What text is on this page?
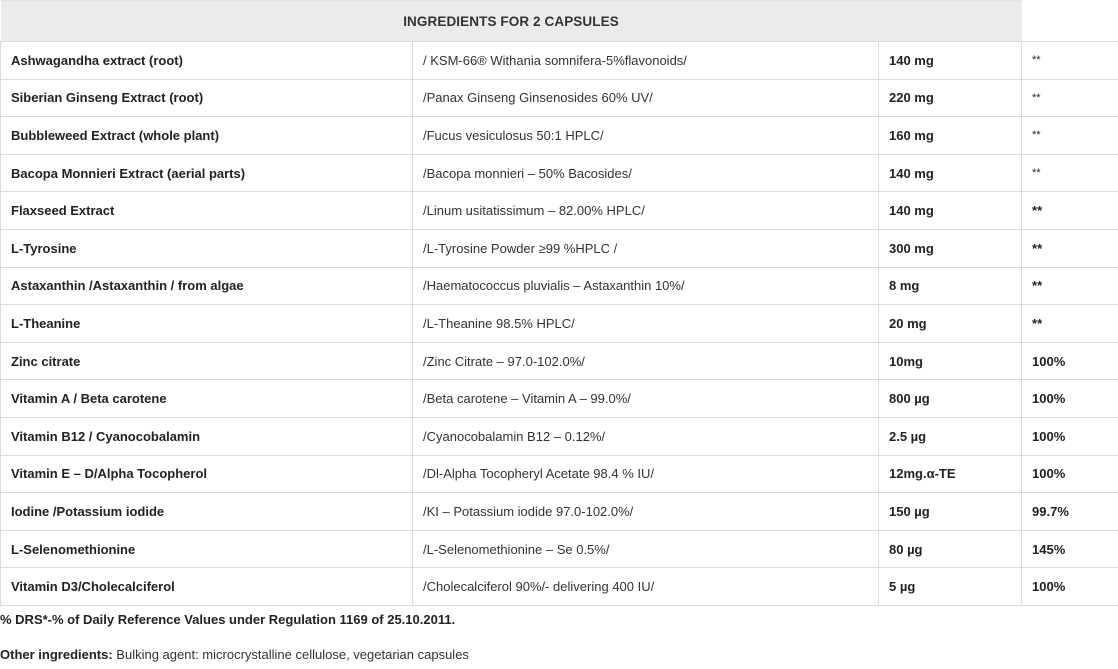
INGREDIENTS FOR 2 CAPSULES			
Ashwagandha extract (root)	/ KSM-66® Withania somnifera-5%flavonoids/	140 mg	**
Siberian Ginseng Extract (root)	/Panax Ginseng Ginsenosides 60% UV/	220 mg	**
Bubbleweed Extract (whole plant)	/Fucus vesiculosus 50:1 HPLC/	160 mg	**
Bacopa Monnieri Extract (aerial parts)	/Bacopa monnieri – 50% Bacosides/	140 mg	**
Flaxseed Extract	/Linum usitatissimum – 82.00% HPLC/	140 mg	**
L-Tyrosine	/L-Tyrosine Powder ≥99 %HPLC /	300 mg	**
Astaxanthin /Astaxanthin / from algae	/Haematococcus pluvialis – Astaxanthin 10%/	8 mg	**
L-Theanine	/L-Theanine 98.5% HPLC/	20 mg	**
Zinc citrate	/Zinc Citrate – 97.0-102.0%/	10mg	100%
Vitamin A / Beta carotene	/Beta carotene – Vitamin A – 99.0%/	800 µg	100%
Vitamin B12 / Cyanocobalamin	/Cyanocobalamin B12 – 0.12%/	2.5 µg	100%
Vitamin E – D/Alpha Tocopherol	/Dl-Alpha Tocopheryl Acetate 98.4 % IU/	12mg.α-TE	100%
Iodine /Potassium iodide	/KI – Potassium iodide 97.0-102.0%/	150 µg	99.7%
L-Selenomethionine	/L-Selenomethionine – Se 0.5%/	80 µg	145%
Vitamin D3/Cholecalciferol	/Cholecalciferol 90%/- delivering 400 IU/	5 µg	100%
% DRS*-% of Daily Reference Values under Regulation 1169 of 25.10.2011.
Other ingredients: Bulking agent: microcrystalline cellulose, vegetarian capsules
